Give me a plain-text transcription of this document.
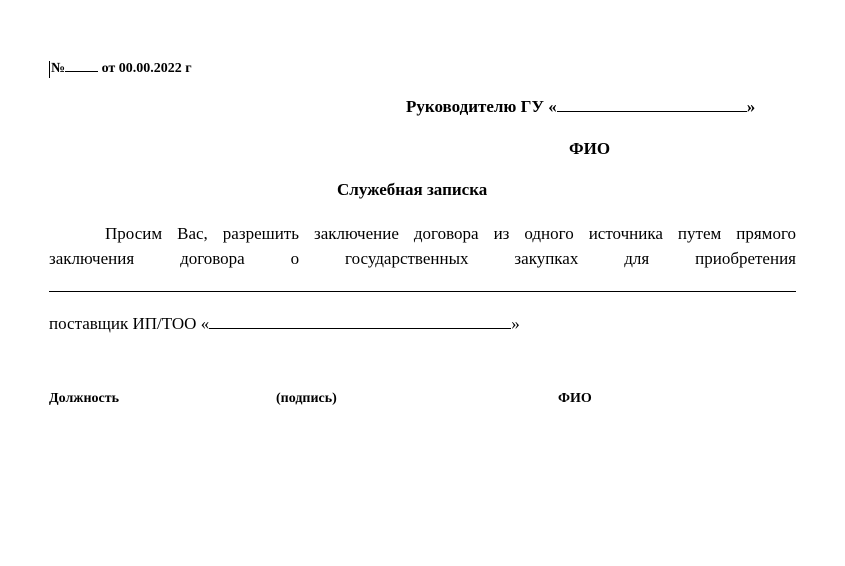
№ от 00.00.2022 г
Руководителю ГУ «	»
ФИО
Служебная записка
Просим Вас, разрешить заключение договора из одного источника путем прямого
заключения договора о государственных закупках для приобретения
поставщик ИП/ТОО «	»
Должность	(подпись)	ФИО
